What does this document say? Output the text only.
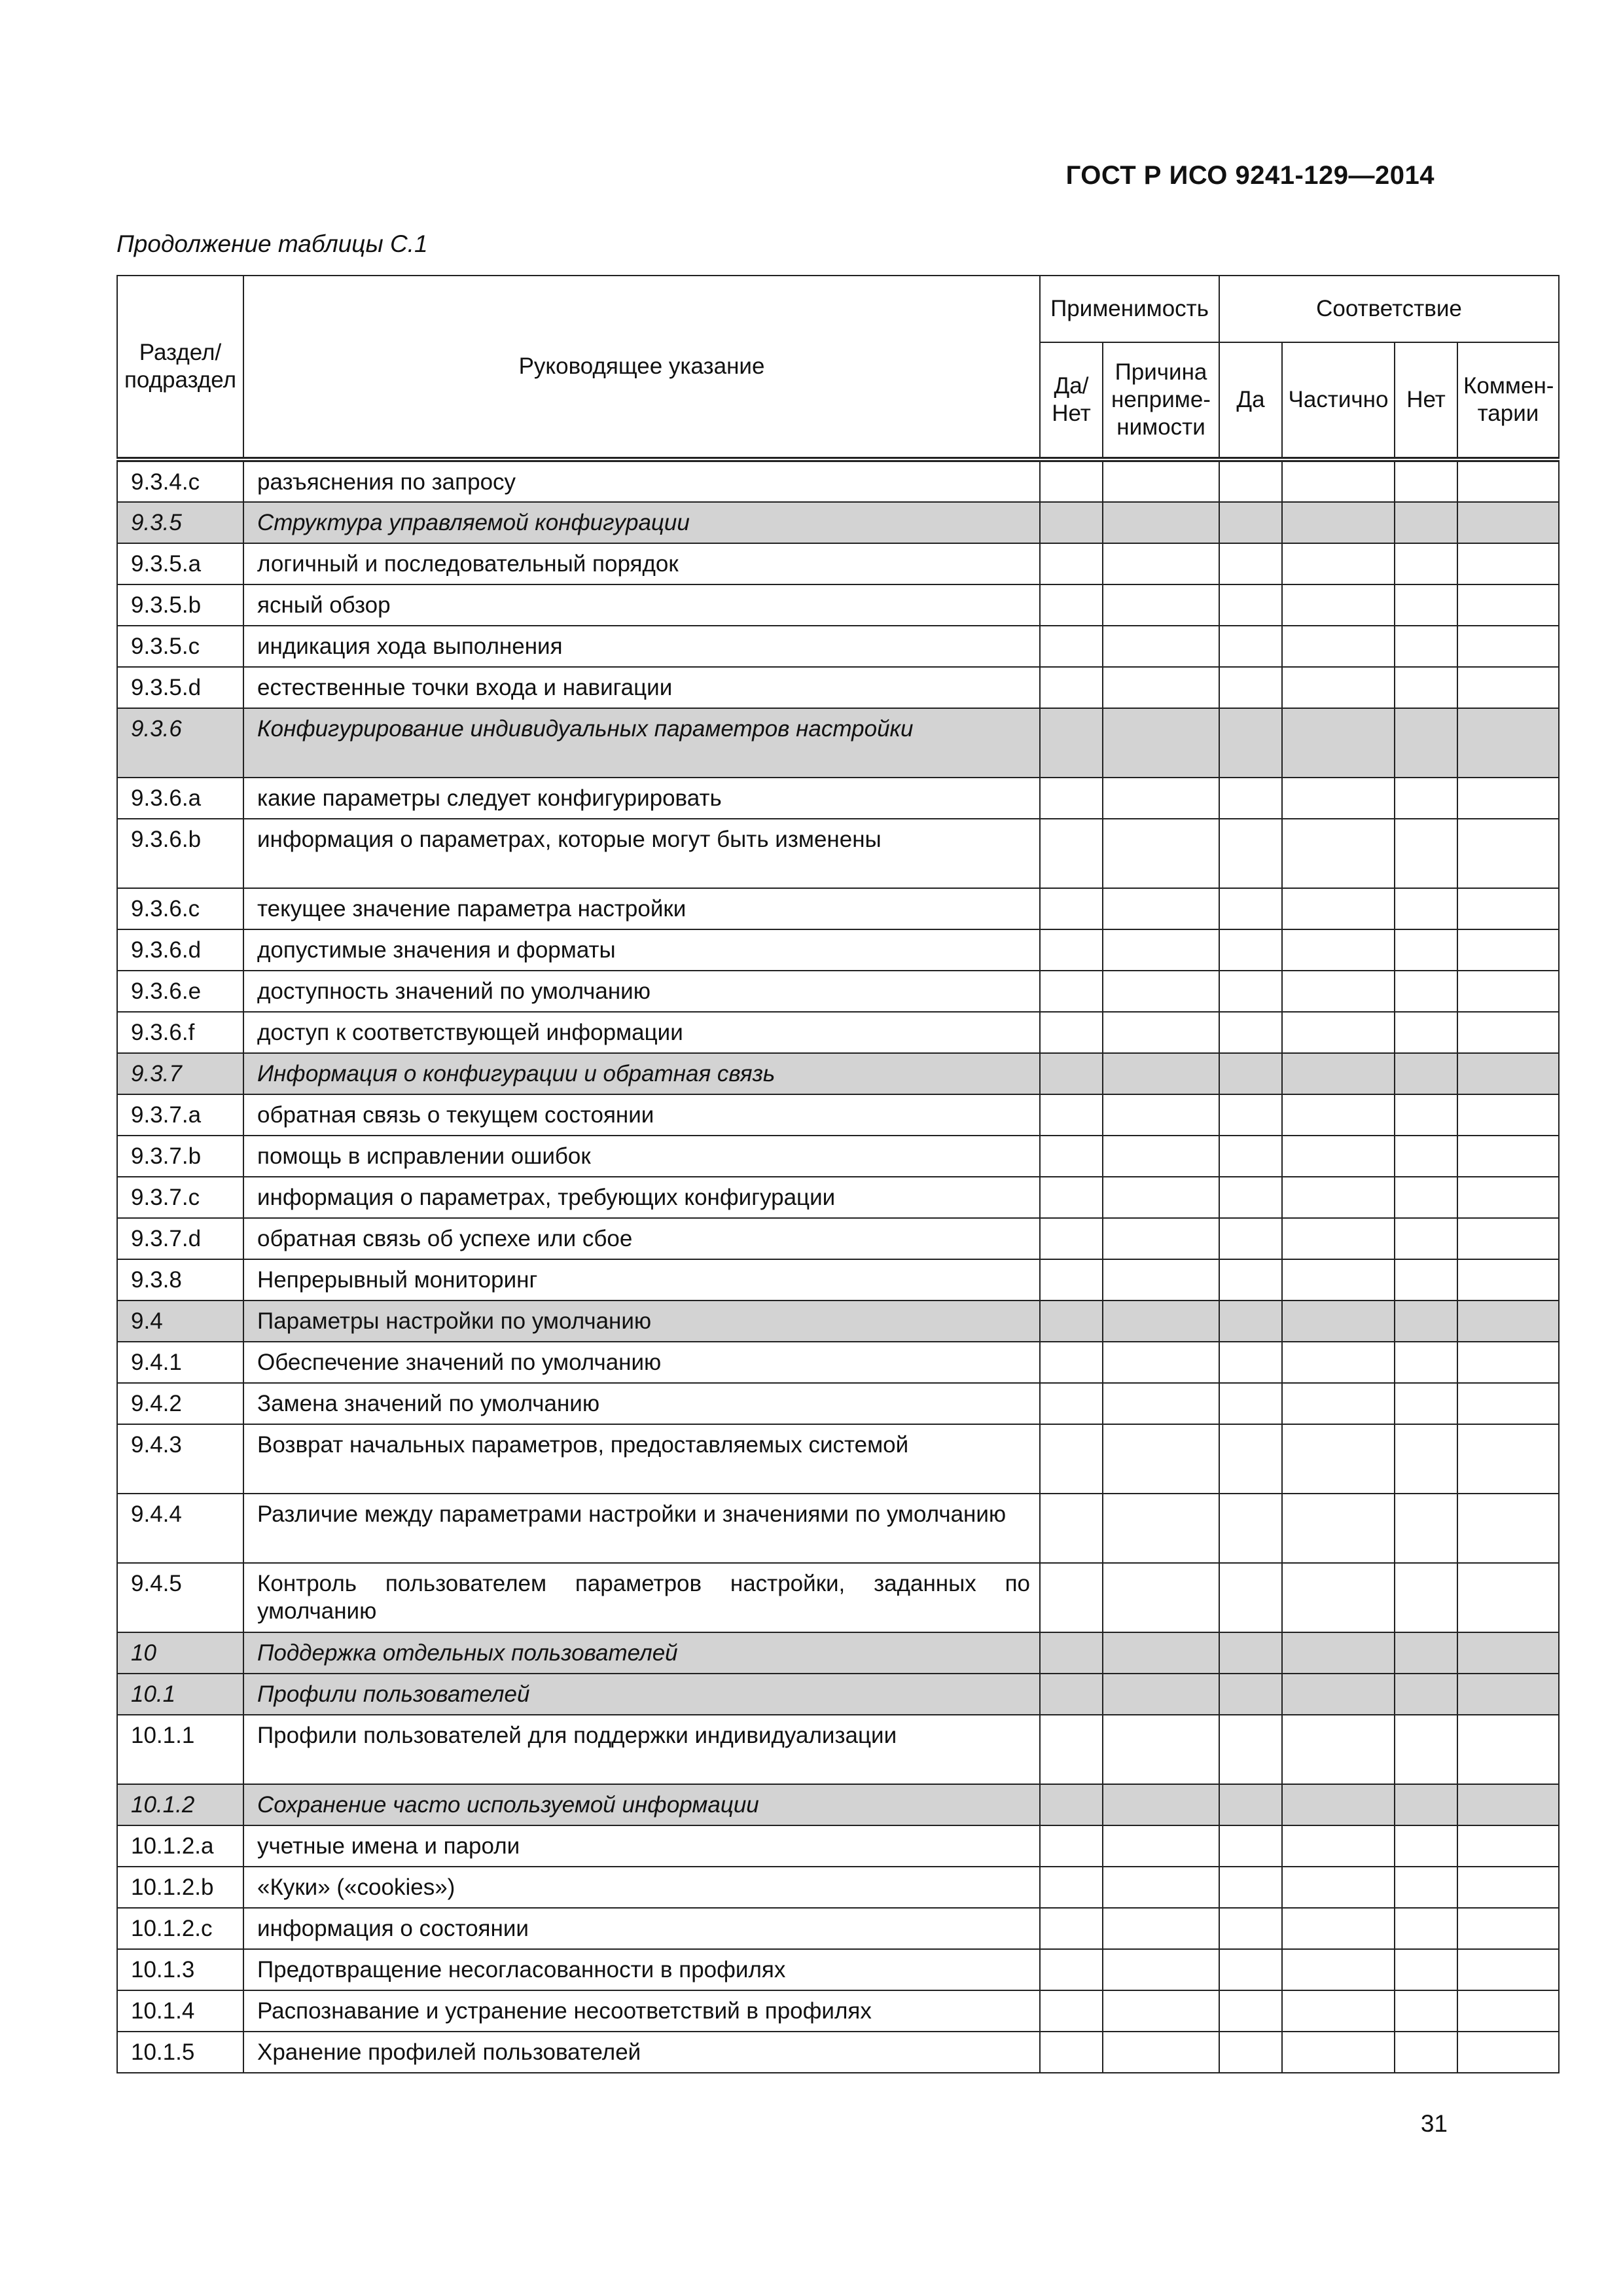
ГОСТ Р ИСО 9241-129—2014
Продолжение таблицы С.1
Раздел/ подраздел	Руководящее указание	Применимость		Соответствие			
		Да/ Нет	Причина неприме- нимости	Да	Частично	Нет	Коммен- тарии
9.3.4.c	разъяснения по запросу						
9.3.5	Структура управляемой конфигурации						
9.3.5.a	логичный и последовательный порядок						
9.3.5.b	ясный обзор						
9.3.5.c	индикация хода выполнения						
9.3.5.d	естественные точки входа и навигации						
9.3.6	Конфигурирование индивидуальных параметров настройки						
9.3.6.a	какие параметры следует конфигурировать						
9.3.6.b	информация о параметрах, которые могут быть изменены						
9.3.6.c	текущее значение параметра настройки						
9.3.6.d	допустимые значения и форматы						
9.3.6.e	доступность значений по умолчанию						
9.3.6.f	доступ к соответствующей информации						
9.3.7	Информация о конфигурации и обратная связь						
9.3.7.a	обратная связь о текущем состоянии						
9.3.7.b	помощь в исправлении ошибок						
9.3.7.c	информация о параметрах, требующих конфигурации						
9.3.7.d	обратная связь об успехе или сбое						
9.3.8	Непрерывный мониторинг						
9.4	Параметры настройки по умолчанию						
9.4.1	Обеспечение значений по умолчанию						
9.4.2	Замена значений по умолчанию						
9.4.3	Возврат начальных параметров, предоставляемых системой						
9.4.4	Различие между параметрами настройки и значениями по умолчанию						
9.4.5	Контроль пользователем параметров настройки, заданных по умолчанию						
10	Поддержка отдельных пользователей						
10.1	Профили пользователей						
10.1.1	Профили пользователей для поддержки индивидуализации						
10.1.2	Сохранение часто используемой информации						
10.1.2.a	учетные имена и пароли						
10.1.2.b	«Куки» («cookies»)						
10.1.2.c	информация о состоянии						
10.1.3	Предотвращение несогласованности в профилях						
10.1.4	Распознавание и устранение несоответствий в профилях						
10.1.5	Хранение профилей пользователей						
31
